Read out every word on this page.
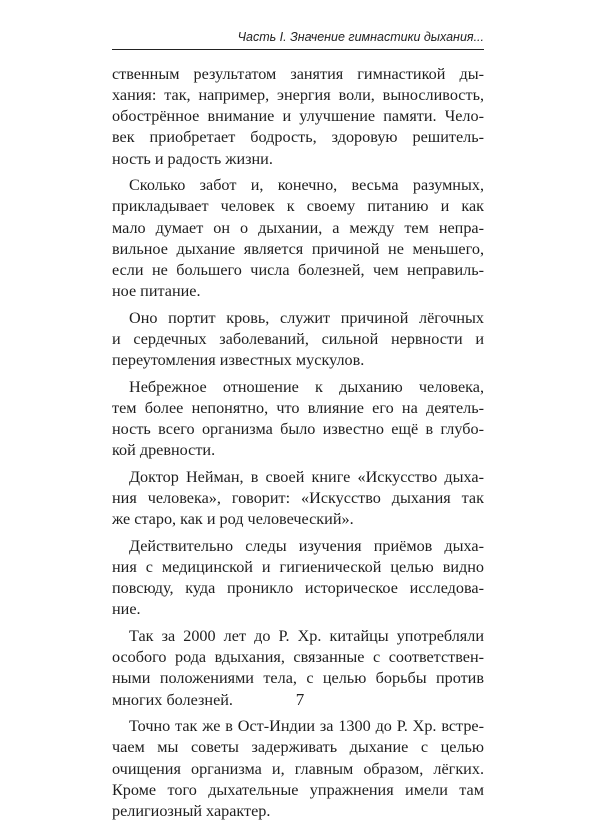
Часть I. Значение гимнастики дыхания...

ственным результатом занятия гимнастикой ды-
хания: так, например, энергия воли, выносливость,
обострённое внимание и улучшение памяти. Чело-
век приобретает бодрость, здоровую решитель-
ность и радость жизни.

Сколько забот и, конечно, весьма разумных,
прикладывает человек к своему питанию и как
мало думает он о дыхании, а между тем непра-
вильное дыхание является причиной не меньшего,
если не большего числа болезней, чем неправиль-
ное питание.

Оно портит кровь, служит причиной лёгочных
и сердечных заболеваний, сильной нервности и
переутомления известных мускулов.

Небрежное отношение к дыханию человека,
тем более непонятно, что влияние его на деятель-
ность всего организма было известно ещё в глубо-
кой древности.

Доктор Нейман, в своей книге «Искусство дыха-
ния человека», говорит: «Искусство дыхания так
же старо, как и род человеческий».

Действительно следы изучения приёмов дыха-
ния с медицинской и гигиенической целью видно
повсюду, куда проникло историческое исследова-
ние.

Так за 2000 лет до Р. Хр. китайцы употребляли
особого рода вдыхания, связанные с соответствен-
ными положениями тела, с целью борьбы против
многих болезней.

Точно так же в Ост-Индии за 1300 до Р. Хр. встре-
чаем мы советы задерживать дыхание с целью
очищения организма и, главным образом, лёгких.
Кроме того дыхательные упражнения имели там
религиозный характер.

7
